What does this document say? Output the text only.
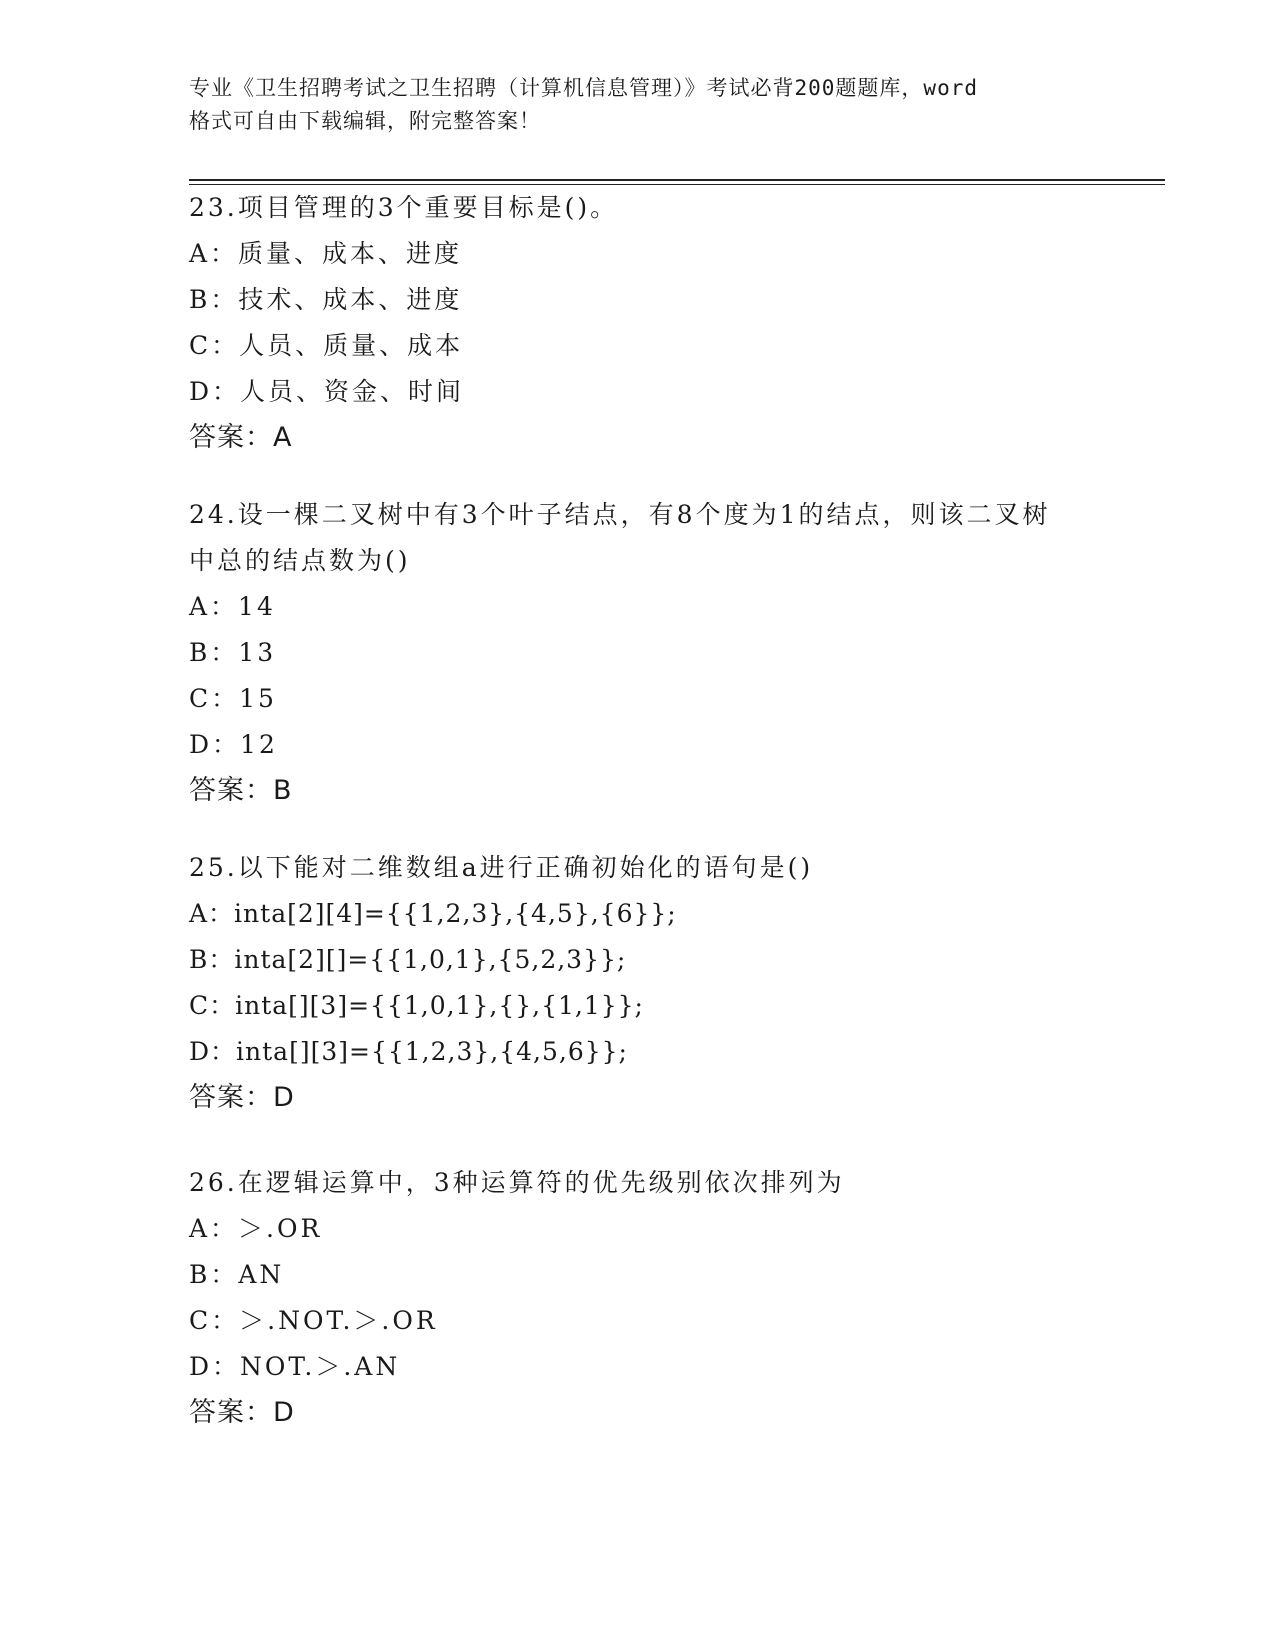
专业《卫生招聘考试之卫生招聘（计算机信息管理）》考试必背200题题库，word
格式可自由下载编辑，附完整答案！
23.项目管理的3个重要目标是()。
A：质量、成本、进度
B：技术、成本、进度
C：人员、质量、成本
D：人员、资金、时间
答案：A
24.设一棵二叉树中有3个叶子结点，有8个度为1的结点，则该二叉树中总的结点数为()
A：14
B：13
C：15
D：12
答案：B
25.以下能对二维数组a进行正确初始化的语句是()
A：inta[2][4]={{1,2,3},{4,5},{6}};
B：inta[2][]={{1,0,1},{5,2,3}};
C：inta[][3]={{1,0,1},{},{1,1}};
D：inta[][3]={{1,2,3},{4,5,6}};
答案：D
26.在逻辑运算中，3种运算符的优先级别依次排列为
A：＞.OR
B：AN
C：＞.NOT.＞.OR
D：NOT.＞.AN
答案：D
